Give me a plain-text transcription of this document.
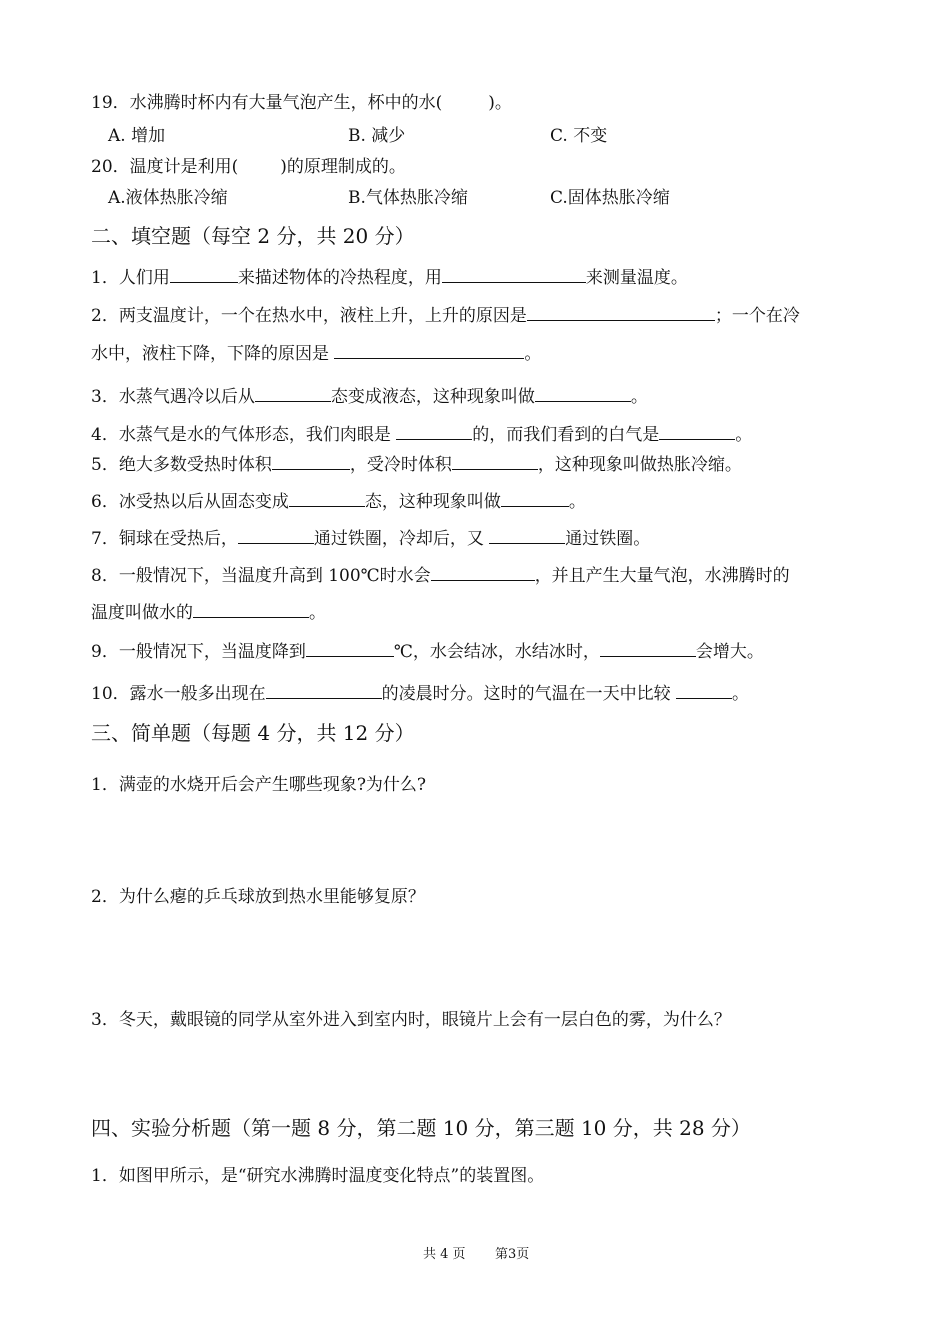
19．水沸腾时杯内有大量气泡产生，杯中的水(	)。
A. 增加	B. 减少	C. 不变
20．温度计是利用( )的原理制成的。
A.液体热胀冷缩	B.气体热胀冷缩	C.固体热胀冷缩
二、填空题（每空 2 分，共 20 分）
1．人们用	来描述物体的冷热程度，用	来测量温度。
2．两支温度计，一个在热水中，液柱上升，上升的原因是	；一个在冷
水中，液柱下降，下降的原因是	。
3．水蒸气遇冷以后从	态变成液态，这种现象叫做	。
4．水蒸气是水的气体形态，我们肉眼是	的，而我们看到的白气是	。
5．绝大多数受热时体积	，受冷时体积	，这种现象叫做热胀冷缩。
6．冰受热以后从固态变成	态，这种现象叫做	。
7．铜球在受热后，	通过铁圈，冷却后，又	通过铁圈。
8．一般情况下，当温度升高到 100℃时水会	，并且产生大量气泡，水沸腾时的
温度叫做水的	。
9．一般情况下，当温度降到	℃，水会结冰，水结冰时，	会增大。
10．露水一般多出现在	的凌晨时分。这时的气温在一天中比较	。
三、简单题（每题 4 分，共 12 分）
1．满壶的水烧开后会产生哪些现象?为什么?
2．为什么瘪的乒乓球放到热水里能够复原？
3．冬天，戴眼镜的同学从室外进入到室内时，眼镜片上会有一层白色的雾，为什么？
四、实验分析题（第一题 8 分，第二题 10 分，第三题 10 分，共 28 分）
1．如图甲所示，是“研究水沸腾时温度变化特点”的装置图。
共 4 页 第3页
